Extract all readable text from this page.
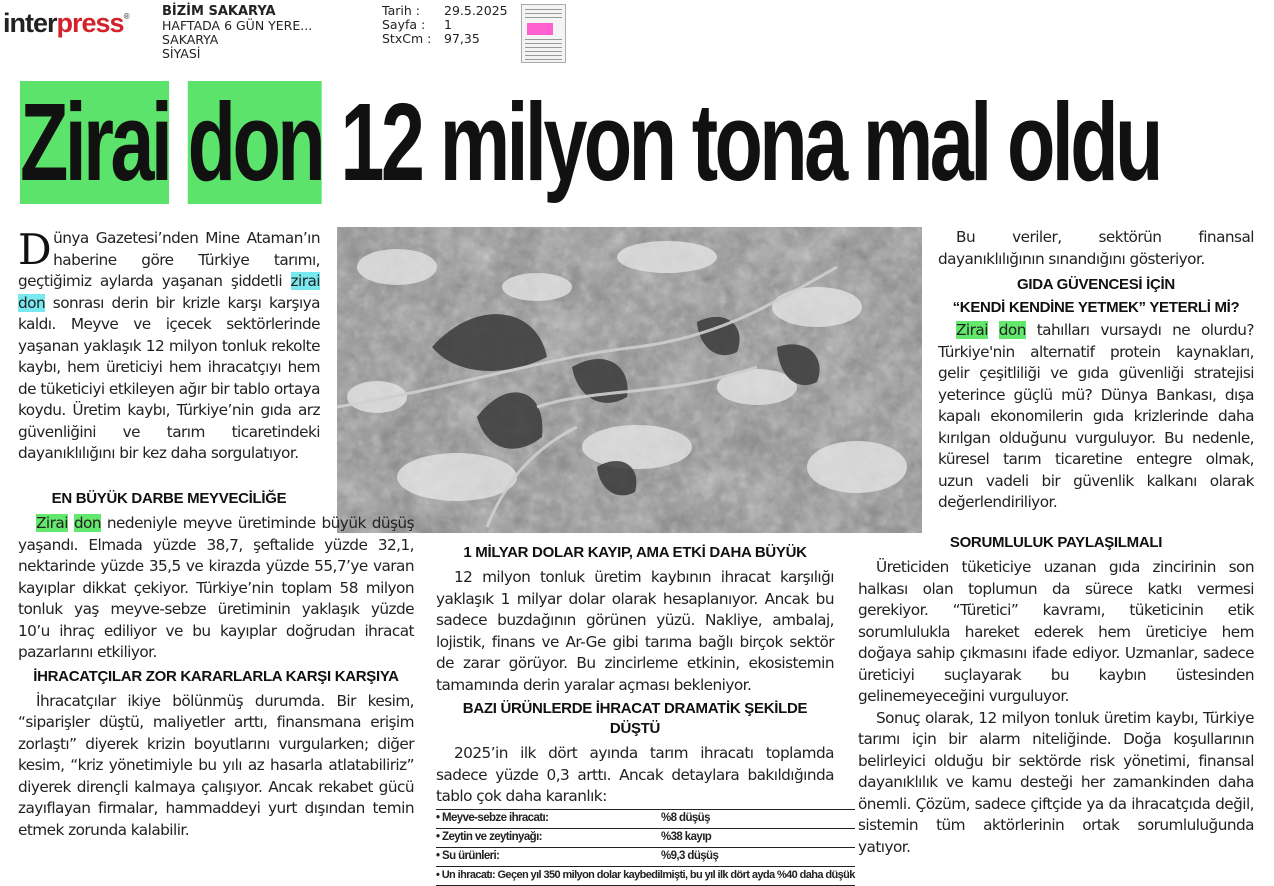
interpress®	BİZİM SAKARYA
HAFTADA 6 GÜN YERE...
SAKARYA
SİYASİ
Tarih :	29.5.2025
Sayfa :	1
StxCm :	97,35
Zirai don 12 milyon tona mal oldu

Dünya Gazetesi’nden Mine Ataman’ın haberine göre Türkiye tarımı, geçtiğimiz aylarda yaşanan şiddetli zirai don sonrası derin bir krizle karşı karşıya kaldı. Meyve ve içecek sektörlerinde yaşanan yaklaşık 12 milyon tonluk rekolte kaybı, hem üreticiyi hem ihracatçıyı hem de tüketiciyi etkileyen ağır bir tablo ortaya koydu. Üretim kaybı, Türkiye’nin gıda arz güvenliğini ve tarım ticaretindeki dayanıklılığını bir kez daha sorgulatıyor.

EN BÜYÜK DARBE MEYVECİLİĞE

Zirai don nedeniyle meyve üretiminde büyük düşüş yaşandı. Elmada yüzde 38,7, şeftalide yüzde 32,1, nektarinde yüzde 35,5 ve kirazda yüzde 55,7’ye varan kayıplar dikkat çekiyor. Türkiye’nin toplam 58 milyon tonluk yaş meyve-sebze üretiminin yaklaşık yüzde 10’u ihraç ediliyor ve bu kayıplar doğrudan ihracat pazarlarını etkiliyor.

İHRACATÇILAR ZOR KARARLARLA KARŞI KARŞIYA

İhracatçılar ikiye bölünmüş durumda. Bir kesim, “siparişler düştü, maliyetler arttı, finansmana erişim zorlaştı” diyerek krizin boyutlarını vurgularken; diğer kesim, “kriz yönetimiyle bu yılı az hasarla atlatabiliriz” diyerek dirençli kalmaya çalışıyor. Ancak rekabet gücü zayıflayan firmalar, hammaddeyi yurt dışından temin etmek zorunda kalabilir.

1 MİLYAR DOLAR KAYIP, AMA ETKİ DAHA BÜYÜK

12 milyon tonluk üretim kaybının ihracat karşılığı yaklaşık 1 milyar dolar olarak hesaplanıyor. Ancak bu sadece buzdağının görünen yüzü. Nakliye, ambalaj, lojistik, finans ve Ar-Ge gibi tarıma bağlı birçok sektör de zarar görüyor. Bu zincirleme etkinin, ekosistemin tamamında derin yaralar açması bekleniyor.

BAZI ÜRÜNLERDE İHRACAT DRAMATİK ŞEKİLDE DÜŞTÜ

2025’in ilk dört ayında tarım ihracatı toplamda sadece yüzde 0,3 arttı. Ancak detaylara bakıldığında tablo çok daha karanlık:

• Meyve-sebze ihracatı:	%8 düşüş
• Zeytin ve zeytinyağı:	%38 kayıp
• Su ürünleri:	%9,3 düşüş
• Un ihracatı: Geçen yıl 350 milyon dolar kaybedilmişti, bu yıl ilk dört ayda %40 daha düşük	

Bu veriler, sektörün finansal dayanıklılığının sınandığını gösteriyor.

GIDA GÜVENCESİ İÇİN
“KENDİ KENDİNE YETMEK” YETERLİ Mİ?

Zirai don tahılları vursaydı ne olurdu? Türkiye'nin alternatif protein kaynakları, gelir çeşitliliği ve gıda güvenliği stratejisi yeterince güçlü mü? Dünya Bankası, dışa kapalı ekonomilerin gıda krizlerinde daha kırılgan olduğunu vurguluyor. Bu nedenle, küresel tarım ticaretine entegre olmak, uzun vadeli bir güvenlik kalkanı olarak değerlendiriliyor.

SORUMLULUK PAYLAŞILMALI

Üreticiden tüketiciye uzanan gıda zincirinin son halkası olan toplumun da sürece katkı vermesi gerekiyor. “Türetici” kavramı, tüketicinin etik sorumlulukla hareket ederek hem üreticiye hem doğaya sahip çıkmasını ifade ediyor. Uzmanlar, sadece üreticiyi suçlayarak bu kaybın üstesinden gelinemeyeceğini vurguluyor.

Sonuç olarak, 12 milyon tonluk üretim kaybı, Türkiye tarımı için bir alarm niteliğinde. Doğa koşullarının belirleyici olduğu bir sektörde risk yönetimi, finansal dayanıklılık ve kamu desteği her zamankinden daha önemli. Çözüm, sadece çiftçide ya da ihracatçıda değil, sistemin tüm aktörlerinin ortak sorumluluğunda yatıyor.
